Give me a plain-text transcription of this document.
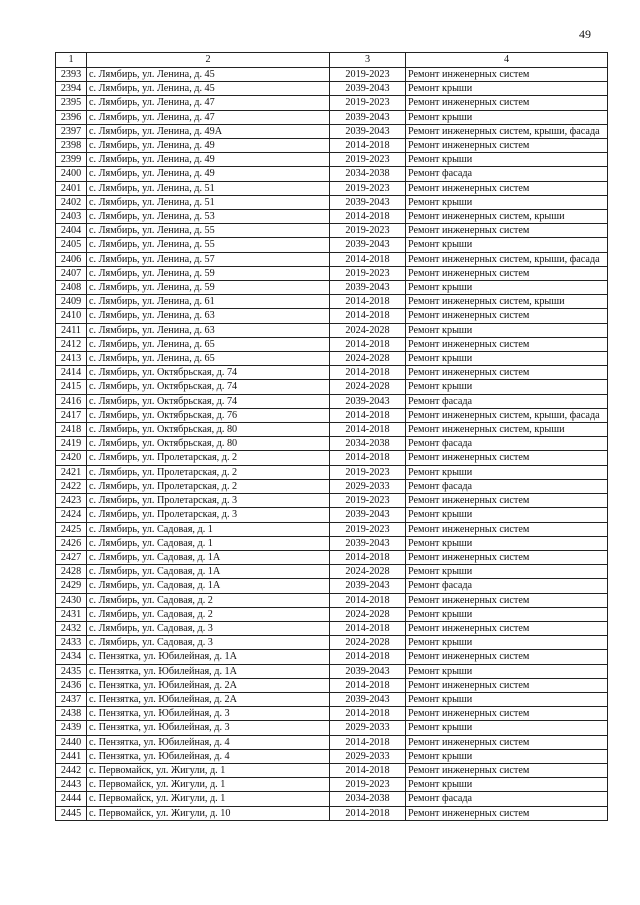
49
1	2	3	4
2393	с. Лямбирь, ул. Ленина, д. 45	2019-2023	Ремонт инженерных систем
2394	с. Лямбирь, ул. Ленина, д. 45	2039-2043	Ремонт крыши
2395	с. Лямбирь, ул. Ленина, д. 47	2019-2023	Ремонт инженерных систем
2396	с. Лямбирь, ул. Ленина, д. 47	2039-2043	Ремонт крыши
2397	с. Лямбирь, ул. Ленина, д. 49А	2039-2043	Ремонт инженерных систем, крыши, фасада
2398	с. Лямбирь, ул. Ленина, д. 49	2014-2018	Ремонт инженерных систем
2399	с. Лямбирь, ул. Ленина, д. 49	2019-2023	Ремонт крыши
2400	с. Лямбирь, ул. Ленина, д. 49	2034-2038	Ремонт фасада
2401	с. Лямбирь, ул. Ленина, д. 51	2019-2023	Ремонт инженерных систем
2402	с. Лямбирь, ул. Ленина, д. 51	2039-2043	Ремонт крыши
2403	с. Лямбирь, ул. Ленина, д. 53	2014-2018	Ремонт инженерных систем, крыши
2404	с. Лямбирь, ул. Ленина, д. 55	2019-2023	Ремонт инженерных систем
2405	с. Лямбирь, ул. Ленина, д. 55	2039-2043	Ремонт крыши
2406	с. Лямбирь, ул. Ленина, д. 57	2014-2018	Ремонт инженерных систем, крыши, фасада
2407	с. Лямбирь, ул. Ленина, д. 59	2019-2023	Ремонт инженерных систем
2408	с. Лямбирь, ул. Ленина, д. 59	2039-2043	Ремонт крыши
2409	с. Лямбирь, ул. Ленина, д. 61	2014-2018	Ремонт инженерных систем, крыши
2410	с. Лямбирь, ул. Ленина, д. 63	2014-2018	Ремонт инженерных систем
2411	с. Лямбирь, ул. Ленина, д. 63	2024-2028	Ремонт крыши
2412	с. Лямбирь, ул. Ленина, д. 65	2014-2018	Ремонт инженерных систем
2413	с. Лямбирь, ул. Ленина, д. 65	2024-2028	Ремонт крыши
2414	с. Лямбирь, ул. Октябрьская, д. 74	2014-2018	Ремонт инженерных систем
2415	с. Лямбирь, ул. Октябрьская, д. 74	2024-2028	Ремонт крыши
2416	с. Лямбирь, ул. Октябрьская, д. 74	2039-2043	Ремонт фасада
2417	с. Лямбирь, ул. Октябрьская, д. 76	2014-2018	Ремонт инженерных систем, крыши, фасада
2418	с. Лямбирь, ул. Октябрьская, д. 80	2014-2018	Ремонт инженерных систем, крыши
2419	с. Лямбирь, ул. Октябрьская, д. 80	2034-2038	Ремонт фасада
2420	с. Лямбирь, ул. Пролетарская, д. 2	2014-2018	Ремонт инженерных систем
2421	с. Лямбирь, ул. Пролетарская, д. 2	2019-2023	Ремонт крыши
2422	с. Лямбирь, ул. Пролетарская, д. 2	2029-2033	Ремонт фасада
2423	с. Лямбирь, ул. Пролетарская, д. 3	2019-2023	Ремонт инженерных систем
2424	с. Лямбирь, ул. Пролетарская, д. 3	2039-2043	Ремонт крыши
2425	с. Лямбирь, ул. Садовая, д. 1	2019-2023	Ремонт инженерных систем
2426	с. Лямбирь, ул. Садовая, д. 1	2039-2043	Ремонт крыши
2427	с. Лямбирь, ул. Садовая, д. 1А	2014-2018	Ремонт инженерных систем
2428	с. Лямбирь, ул. Садовая, д. 1А	2024-2028	Ремонт крыши
2429	с. Лямбирь, ул. Садовая, д. 1А	2039-2043	Ремонт фасада
2430	с. Лямбирь, ул. Садовая, д. 2	2014-2018	Ремонт инженерных систем
2431	с. Лямбирь, ул. Садовая, д. 2	2024-2028	Ремонт крыши
2432	с. Лямбирь, ул. Садовая, д. 3	2014-2018	Ремонт инженерных систем
2433	с. Лямбирь, ул. Садовая, д. 3	2024-2028	Ремонт крыши
2434	с. Пензятка, ул. Юбилейная, д. 1А	2014-2018	Ремонт инженерных систем
2435	с. Пензятка, ул. Юбилейная, д. 1А	2039-2043	Ремонт крыши
2436	с. Пензятка, ул. Юбилейная, д. 2А	2014-2018	Ремонт инженерных систем
2437	с. Пензятка, ул. Юбилейная, д. 2А	2039-2043	Ремонт крыши
2438	с. Пензятка, ул. Юбилейная, д. 3	2014-2018	Ремонт инженерных систем
2439	с. Пензятка, ул. Юбилейная, д. 3	2029-2033	Ремонт крыши
2440	с. Пензятка, ул. Юбилейная, д. 4	2014-2018	Ремонт инженерных систем
2441	с. Пензятка, ул. Юбилейная, д. 4	2029-2033	Ремонт крыши
2442	с. Первомайск, ул. Жигули, д. 1	2014-2018	Ремонт инженерных систем
2443	с. Первомайск, ул. Жигули, д. 1	2019-2023	Ремонт крыши
2444	с. Первомайск, ул. Жигули, д. 1	2034-2038	Ремонт фасада
2445	с. Первомайск, ул. Жигули, д. 10	2014-2018	Ремонт инженерных систем
